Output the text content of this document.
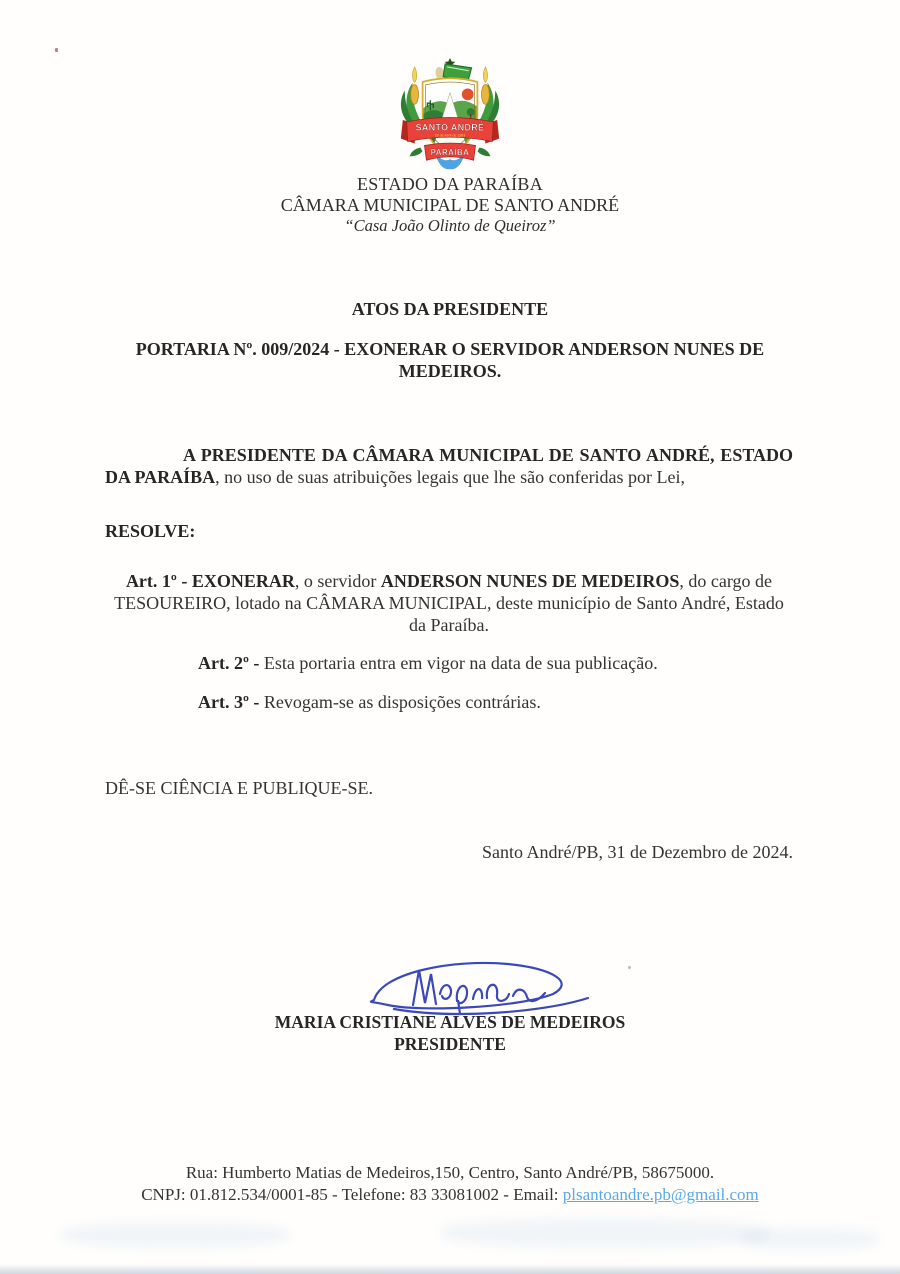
SANTO ANDRÉ
29 de Abril de 1993
PARAÍBA
ESTADO DA PARAÍBA
CÂMARA MUNICIPAL DE SANTO ANDRÉ
“Casa João Olinto de Queiroz”
ATOS DA PRESIDENTE
PORTARIA Nº. 009/2024 - EXONERAR O SERVIDOR ANDERSON NUNES DE MEDEIROS.
A PRESIDENTE DA CÂMARA MUNICIPAL DE SANTO ANDRÉ, ESTADO DA PARAÍBA, no uso de suas atribuições legais que lhe são conferidas por Lei,
RESOLVE:
Art. 1º - EXONERAR, o servidor ANDERSON NUNES DE MEDEIROS, do cargo de TESOUREIRO, lotado na CÂMARA MUNICIPAL, deste município de Santo André, Estado da Paraíba.
Art. 2º - Esta portaria entra em vigor na data de sua publicação.
Art. 3º - Revogam-se as disposições contrárias.
DÊ-SE CIÊNCIA E PUBLIQUE-SE.
Santo André/PB, 31 de Dezembro de 2024.
MARIA CRISTIANE ALVES DE MEDEIROS
PRESIDENTE
Rua: Humberto Matias de Medeiros,150, Centro, Santo André/PB, 58675000.
CNPJ: 01.812.534/0001-85 - Telefone: 83 33081002 - Email: plsantoandre.pb@gmail.com
